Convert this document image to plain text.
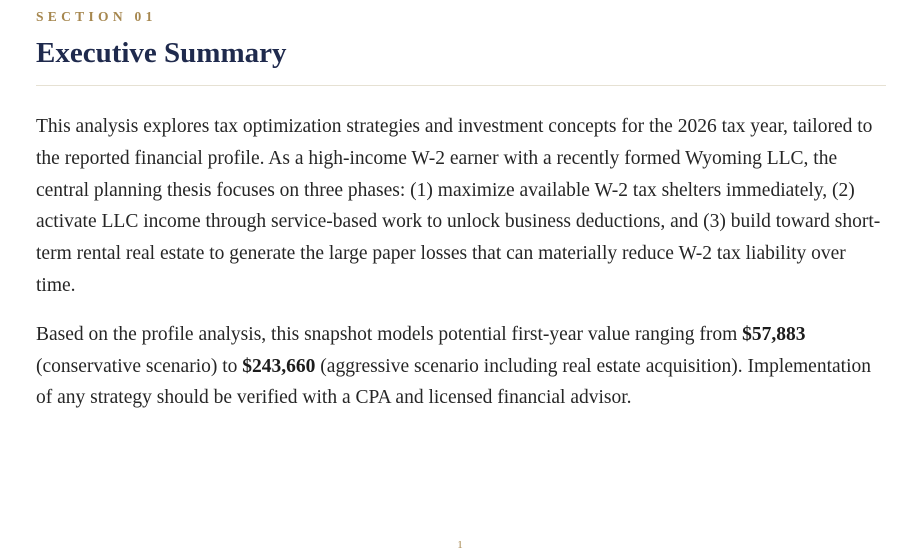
SECTION 01
Executive Summary

This analysis explores tax optimization strategies and investment concepts for the 2026 tax year, tailored to the reported financial profile. As a high-income W-2 earner with a recently formed Wyoming LLC, the central planning thesis focuses on three phases: (1) maximize available W-2 tax shelters immediately, (2) activate LLC income through service-based work to unlock business deductions, and (3) build toward short-term rental real estate to generate the large paper losses that can materially reduce W-2 tax liability over time.

Based on the profile analysis, this snapshot models potential first-year value ranging from $57,883 (conservative scenario) to $243,660 (aggressive scenario including real estate acquisition). Implementation of any strategy should be verified with a CPA and licensed financial advisor.

1
